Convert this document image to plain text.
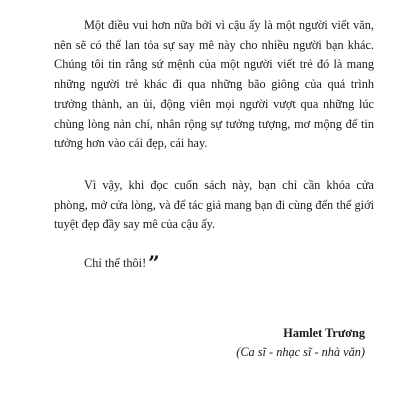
Một điều vui hơn nữa bởi vì cậu ấy là một người viết văn, nên sẽ có thể lan tỏa sự say mê này cho nhiều người bạn khác. Chúng tôi tin rằng sứ mệnh của một người viết trẻ đó là mang những người trẻ khác đi qua những bão giông của quá trình trưởng thành, an ủi, động viên mọi người vượt qua những lúc chùng lòng nản chí, nhân rộng sự tưởng tượng, mơ mộng để tin tưởng hơn vào cái đẹp, cái hay.

Vì vậy, khi đọc cuốn sách này, bạn chỉ cần khóa cửa phòng, mở cửa lòng, và để tác giả mang bạn đi cùng đến thế giới tuyệt đẹp đầy say mê của cậu ấy.

Chỉ thế thôi! ”

Hamlet Trương

(Ca sĩ - nhạc sĩ - nhà văn)
